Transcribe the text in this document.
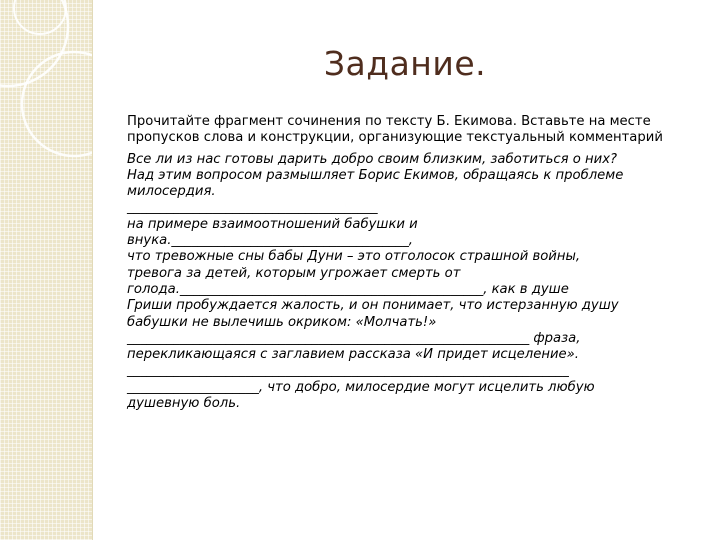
Задание.

Прочитайте фрагмент сочинения по тексту Б. Екимова. Вставьте на месте пропусков слова и конструкции, организующие текстуальный комментарий

Все ли из нас готовы дарить добро своим близким, заботиться о них?
Над этим вопросом размышляет Борис Екимов, обращаясь к проблеме
милосердия.
______________________________________
на примере взаимоотношений бабушки и
внука.____________________________________,
что тревожные сны бабы Дуни – это отголосок страшной войны,
тревога за детей, которым угрожает смерть от
голода.______________________________________________, как в душе
Гриши пробуждается жалость, и он понимает, что истерзанную душу
бабушки не вылечишь окриком: «Молчать!»
_____________________________________________________________ фраза,
перекликающаяся с заглавием рассказа «И придет исцеление».
___________________________________________________________________
____________________, что добро, милосердие могут исцелить любую
душевную боль.
